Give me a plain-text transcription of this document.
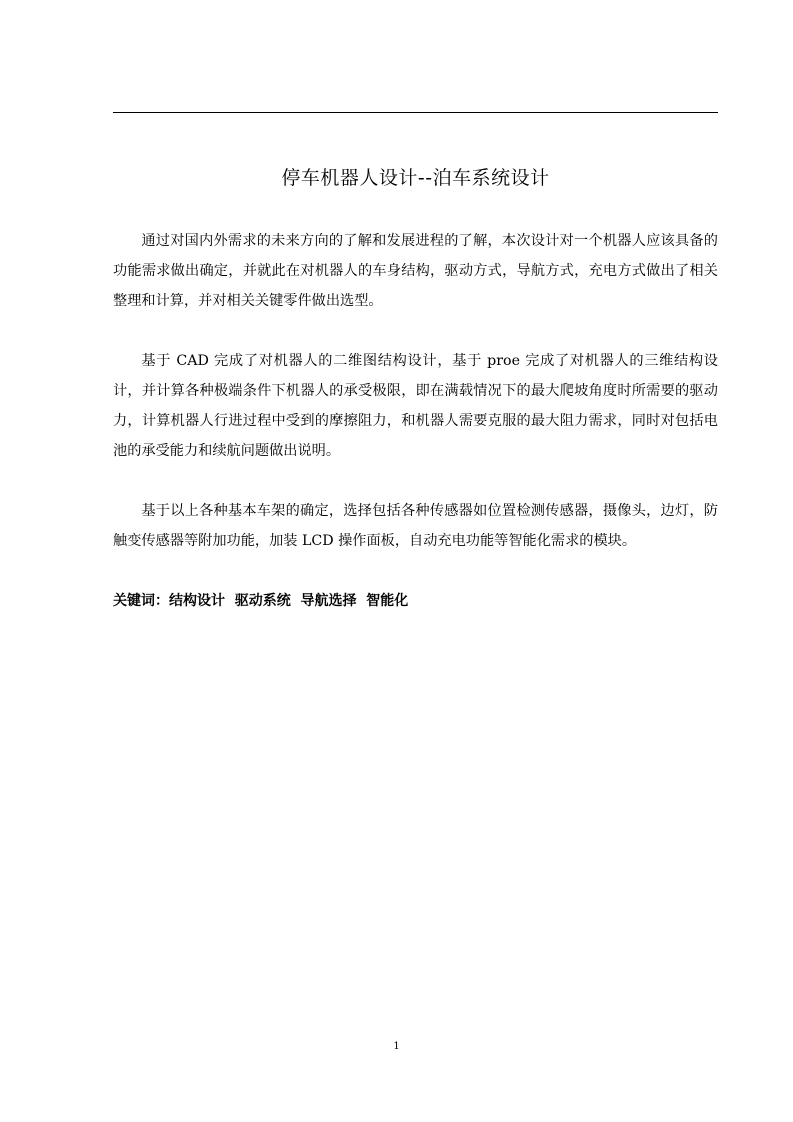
停车机器人设计--泊车系统设计

通过对国内外需求的未来方向的了解和发展进程的了解，本次设计对一个机器人应该具备的功能需求做出确定，并就此在对机器人的车身结构，驱动方式，导航方式，充电方式做出了相关整理和计算，并对相关关键零件做出选型。

基于 CAD 完成了对机器人的二维图结构设计，基于 proe 完成了对机器人的三维结构设计，并计算各种极端条件下机器人的承受极限，即在满载情况下的最大爬坡角度时所需要的驱动力，计算机器人行进过程中受到的摩擦阻力，和机器人需要克服的最大阻力需求，同时对包括电池的承受能力和续航问题做出说明。

基于以上各种基本车架的确定，选择包括各种传感器如位置检测传感器，摄像头，边灯，防触变传感器等附加功能，加装 LCD 操作面板，自动充电功能等智能化需求的模块。

关键词：结构设计  驱动系统  导航选择  智能化

1
